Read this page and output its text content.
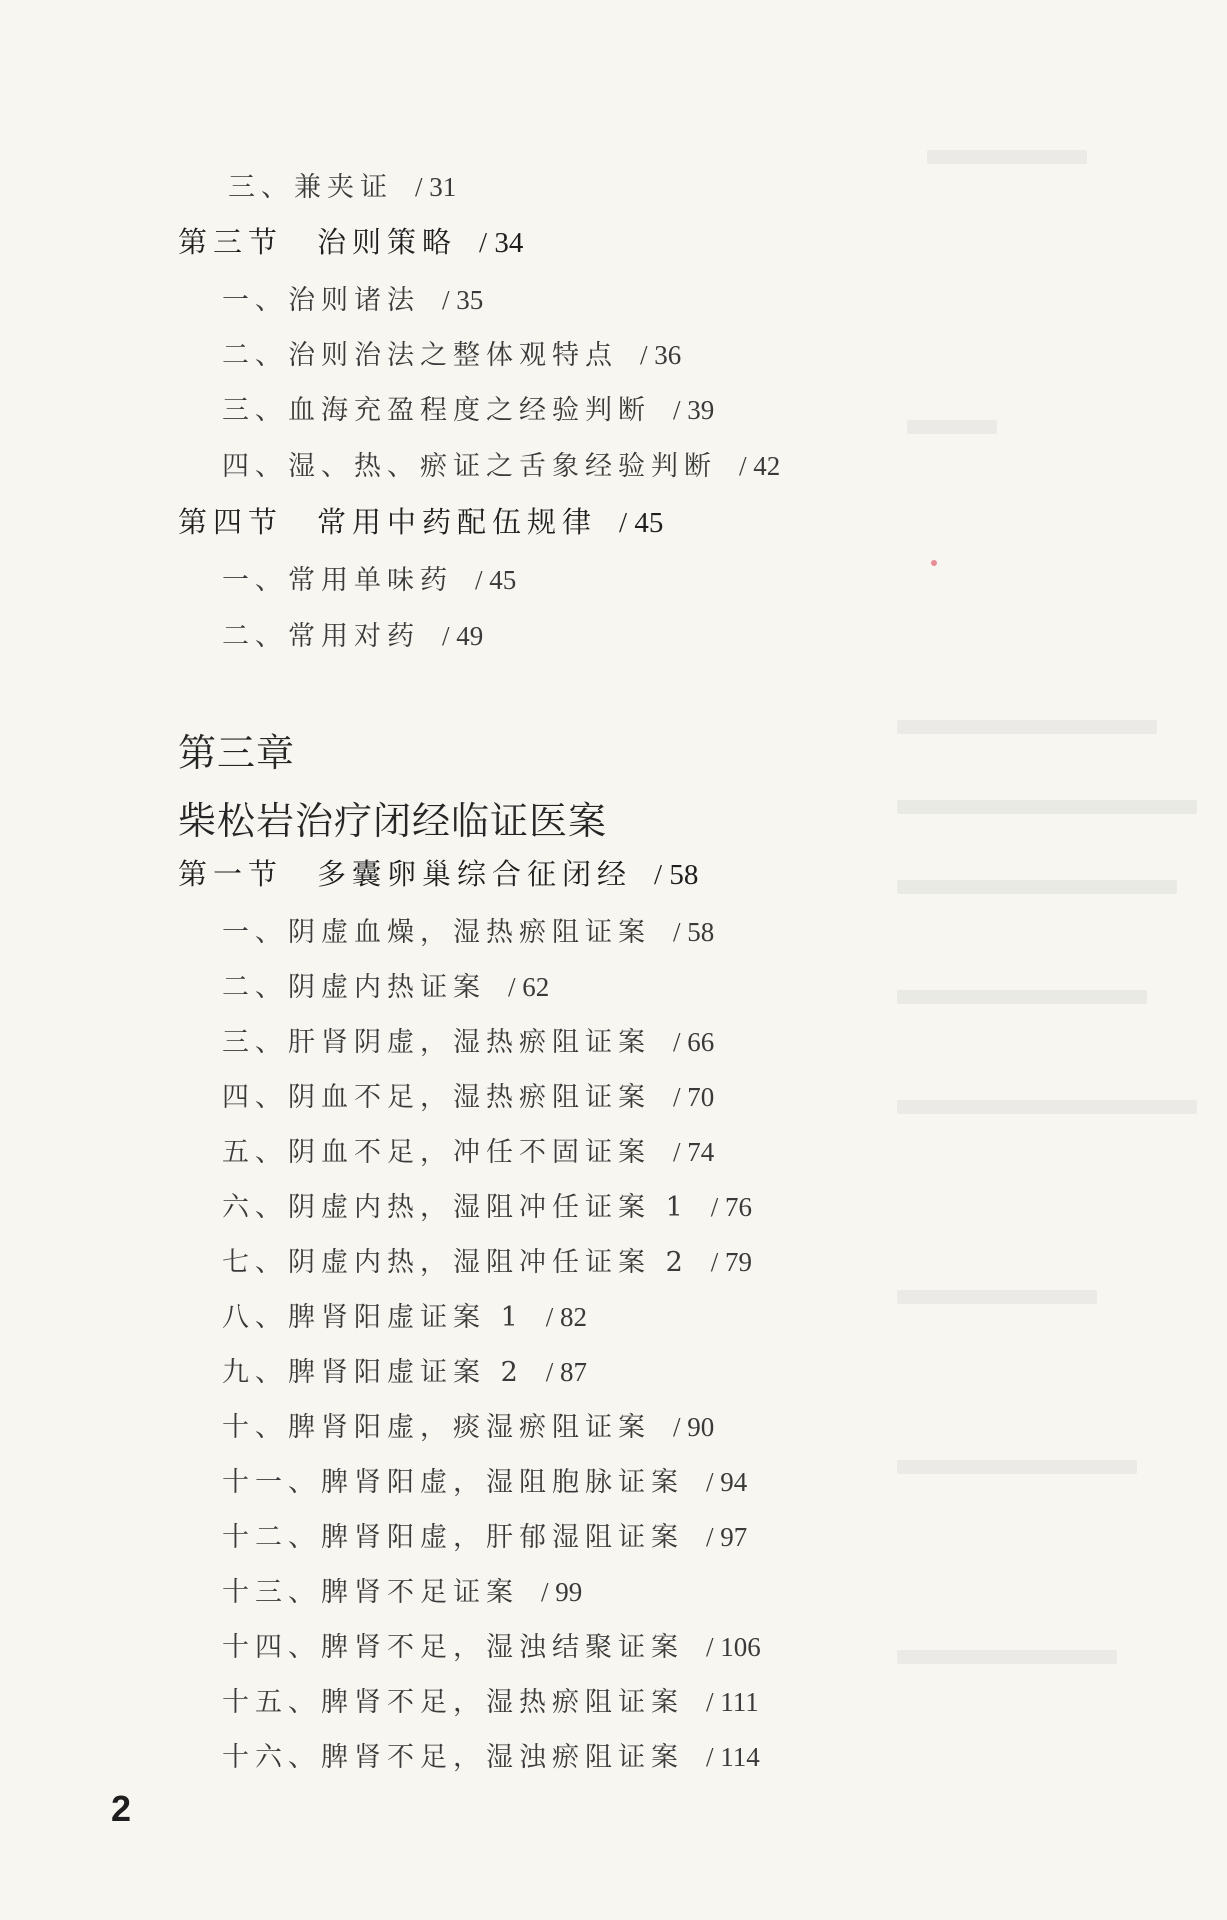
三、兼夹证 / 31
第三节 治则策略 / 34
一、治则诸法 / 35
二、治则治法之整体观特点 / 36
三、血海充盈程度之经验判断 / 39
四、湿、热、瘀证之舌象经验判断 / 42
第四节 常用中药配伍规律 / 45
一、常用单味药 / 45
二、常用对药 / 49
第三章
柴松岩治疗闭经临证医案
第一节 多囊卵巢综合征闭经 / 58
一、阴虚血燥，湿热瘀阻证案 / 58
二、阴虚内热证案 / 62
三、肝肾阴虚，湿热瘀阻证案 / 66
四、阴血不足，湿热瘀阻证案 / 70
五、阴血不足，冲任不固证案 / 74
六、阴虚内热，湿阻冲任证案 1 / 76
七、阴虚内热，湿阻冲任证案 2 / 79
八、脾肾阳虚证案 1 / 82
九、脾肾阳虚证案 2 / 87
十、脾肾阳虚，痰湿瘀阻证案 / 90
十一、脾肾阳虚，湿阻胞脉证案 / 94
十二、脾肾阳虚，肝郁湿阻证案 / 97
十三、脾肾不足证案 / 99
十四、脾肾不足，湿浊结聚证案 / 106
十五、脾肾不足，湿热瘀阻证案 / 111
十六、脾肾不足，湿浊瘀阻证案 / 114
2
